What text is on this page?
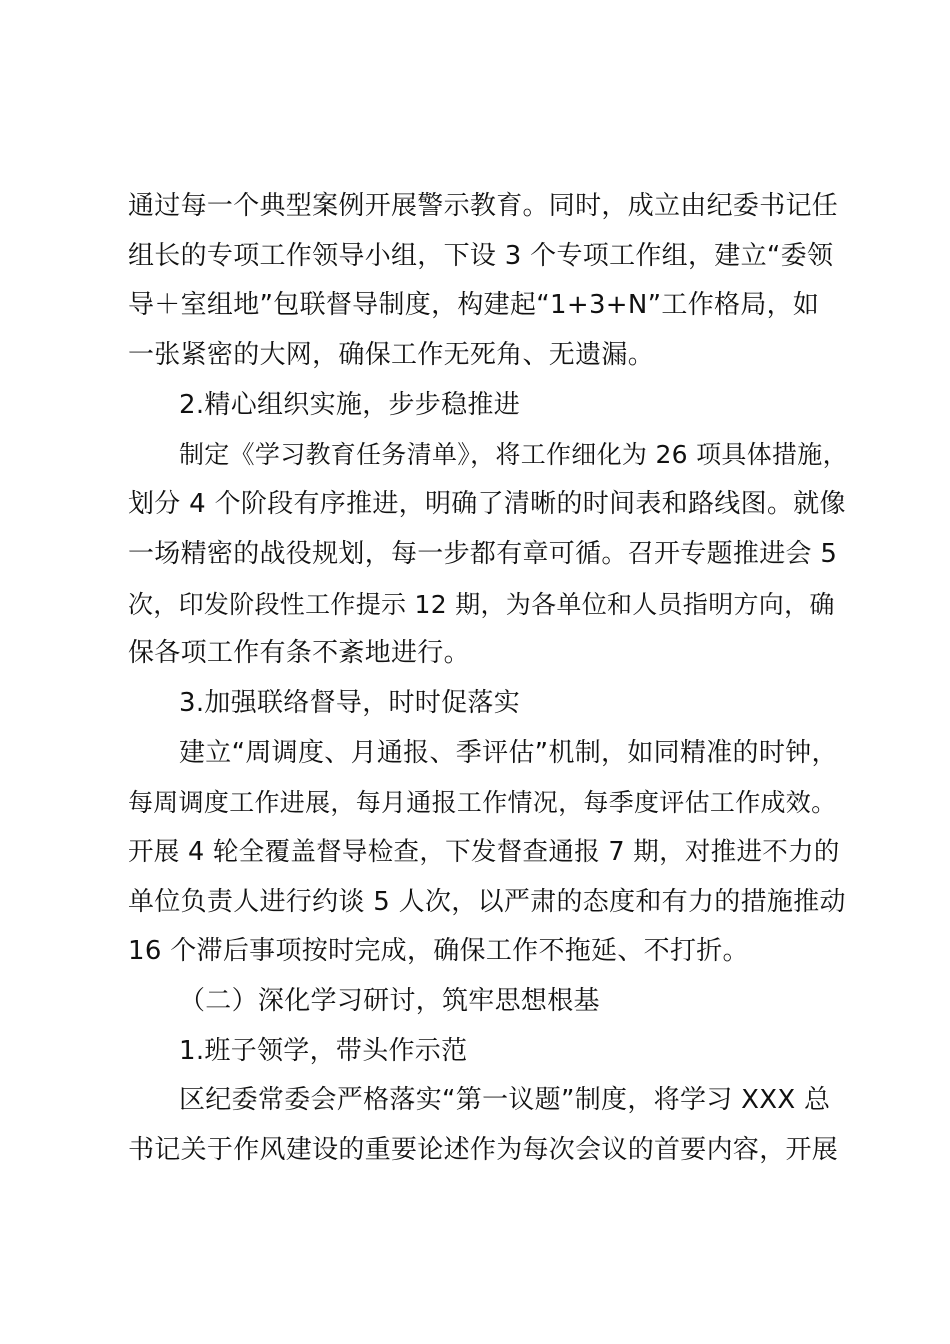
通过每一个典型案例开展警示教育。同时，成立由纪委书记任
组长的专项工作领导小组，下设 3 个专项工作组，建立“委领
导＋室组地”包联督导制度，构建起“1+3+N”工作格局，如
一张紧密的大网，确保工作无死角、无遗漏。
2.精心组织实施，步步稳推进
制定《学习教育任务清单》，将工作细化为 26 项具体措施，
划分 4 个阶段有序推进，明确了清晰的时间表和路线图。就像
一场精密的战役规划，每一步都有章可循。召开专题推进会 5
次，印发阶段性工作提示 12 期，为各单位和人员指明方向，确
保各项工作有条不紊地进行。
3.加强联络督导，时时促落实
建立“周调度、月通报、季评估”机制，如同精准的时钟，
每周调度工作进展，每月通报工作情况，每季度评估工作成效。
开展 4 轮全覆盖督导检查，下发督查通报 7 期，对推进不力的
单位负责人进行约谈 5 人次，以严肃的态度和有力的措施推动
16 个滞后事项按时完成，确保工作不拖延、不打折。
（二）深化学习研讨，筑牢思想根基
1.班子领学，带头作示范
区纪委常委会严格落实“第一议题”制度，将学习 XXX 总
书记关于作风建设的重要论述作为每次会议的首要内容，开展
